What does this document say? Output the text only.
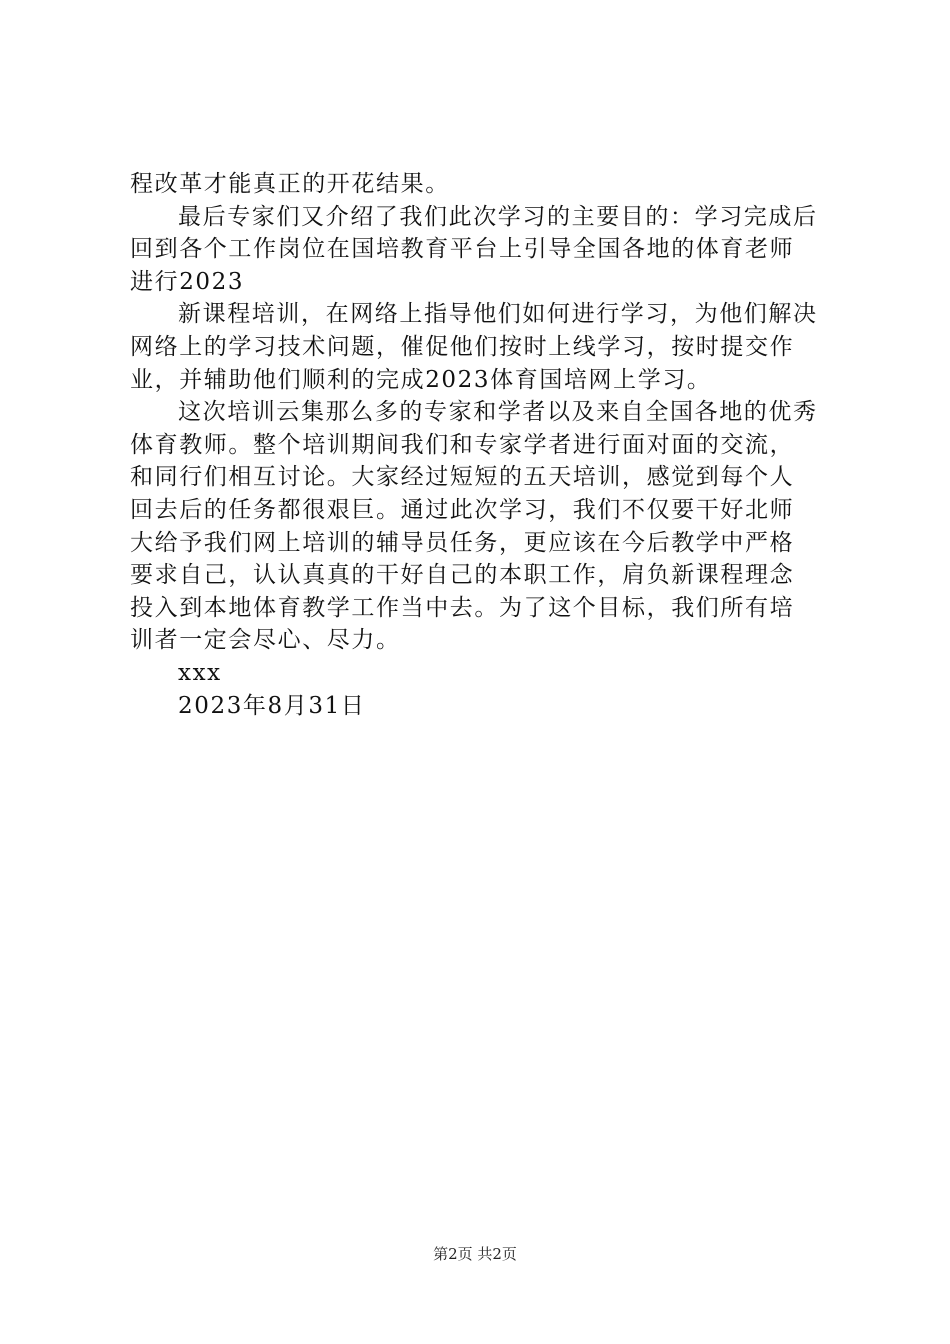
程改革才能真正的开花结果。
最后专家们又介绍了我们此次学习的主要目的：学习完成后
回到各个工作岗位在国培教育平台上引导全国各地的体育老师
进行2023
新课程培训，在网络上指导他们如何进行学习，为他们解决
网络上的学习技术问题，催促他们按时上线学习，按时提交作
业，并辅助他们顺利的完成2023体育国培网上学习。
这次培训云集那么多的专家和学者以及来自全国各地的优秀
体育教师。整个培训期间我们和专家学者进行面对面的交流，
和同行们相互讨论。大家经过短短的五天培训，感觉到每个人
回去后的任务都很艰巨。通过此次学习，我们不仅要干好北师
大给予我们网上培训的辅导员任务，更应该在今后教学中严格
要求自己，认认真真的干好自己的本职工作，肩负新课程理念
投入到本地体育教学工作当中去。为了这个目标，我们所有培
训者一定会尽心、尽力。
xxx
2023年8月31日
第2页 共2页
